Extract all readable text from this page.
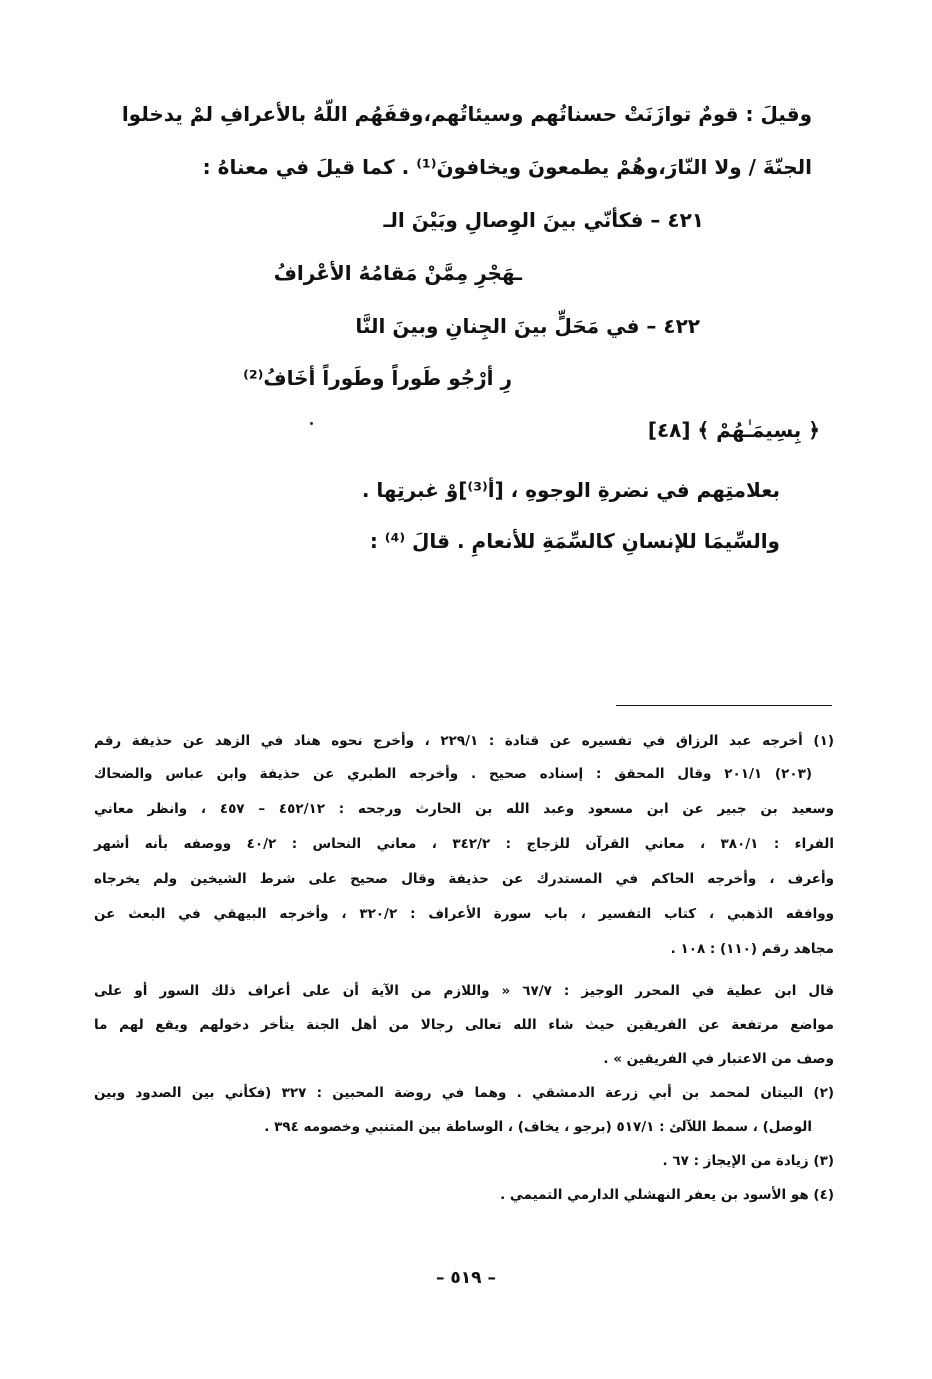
وقيلَ : قومٌ توازَنَتْ حسناتُهم وسيئاتُهم،وقفَهُم اللّهُ بالأعرافِ لمْ يدخلوا
الجنّةَ / ولا النّارَ،وهُمْ يطمعونَ ويخافونَ⁽¹⁾ . كما قيلَ في معناهُ :
٤٢١ – فكأنّي بينَ الوِصالِ وبَيْنَ الـ
ـهَجْرِ مِمَّنْ مَقامُهُ الأعْرافُ
٤٢٢ – في مَحَلٍّ بينَ الجِنانِ وبينَ النَّا
رِ أرْجُو طَوراً وطَوراً أخَافُ⁽²⁾
﴿ بِسِيمَـٰهُمْ ﴾ [٤٨]
بعلامتِهم في نضرةِ الوجوهِ ، [أ⁽³⁾]وْ غبرتِها .
والسِّيمَا للإنسانِ كالسِّمَةِ للأنعامِ . قالَ ⁽⁴⁾ :
(١) أخرجه عبد الرزاق في تفسيره عن قتادة : ٢٢٩/١ ، وأخرج نحوه هناد في الزهد عن حذيفة رقم
(٢٠٣) ٢٠١/١ وقال المحقق : إسناده صحيح . وأخرجه الطبري عن حذيفة وابن عباس والضحاك
وسعيد بن جبير عن ابن مسعود وعبد الله بن الحارث ورجحه : ٤٥٢/١٢ – ٤٥٧ ، وانظر معاني
الفراء : ٣٨٠/١ ، معاني القرآن للزجاج : ٣٤٢/٢ ، معاني النحاس : ٤٠/٢ ووصفه بأنه أشهر
وأعرف ، وأخرجه الحاكم في المستدرك عن حذيفة وقال صحيح على شرط الشيخين ولم يخرجاه
ووافقه الذهبي ، كتاب التفسير ، باب سورة الأعراف : ٣٢٠/٢ ، وأخرجه البيهقي في البعث عن
مجاهد رقم (١١٠) : ١٠٨ .
قال ابن عطية في المحرر الوجيز : ٦٧/٧ « واللازم من الآية أن على أعراف ذلك السور أو على
مواضع مرتفعة عن الفريقين حيث شاء الله تعالى رجالا من أهل الجنة يتأخر دخولهم ويقع لهم ما
وصف من الاعتبار في الفريقين » .
(٢) البيتان لمحمد بن أبي زرعة الدمشقي . وهما في روضة المحبين : ٣٢٧ (فكأني بين الصدود وبين
الوصل) ، سمط اللآلئ : ٥١٧/١ (برجو ، يخاف) ، الوساطة بين المتنبي وخصومه ٣٩٤ .
(٣) زيادة من الإيجاز : ٦٧ .
(٤) هو الأسود بن يعفر النهشلي الدارمي التميمي .
– ٥١٩ –
